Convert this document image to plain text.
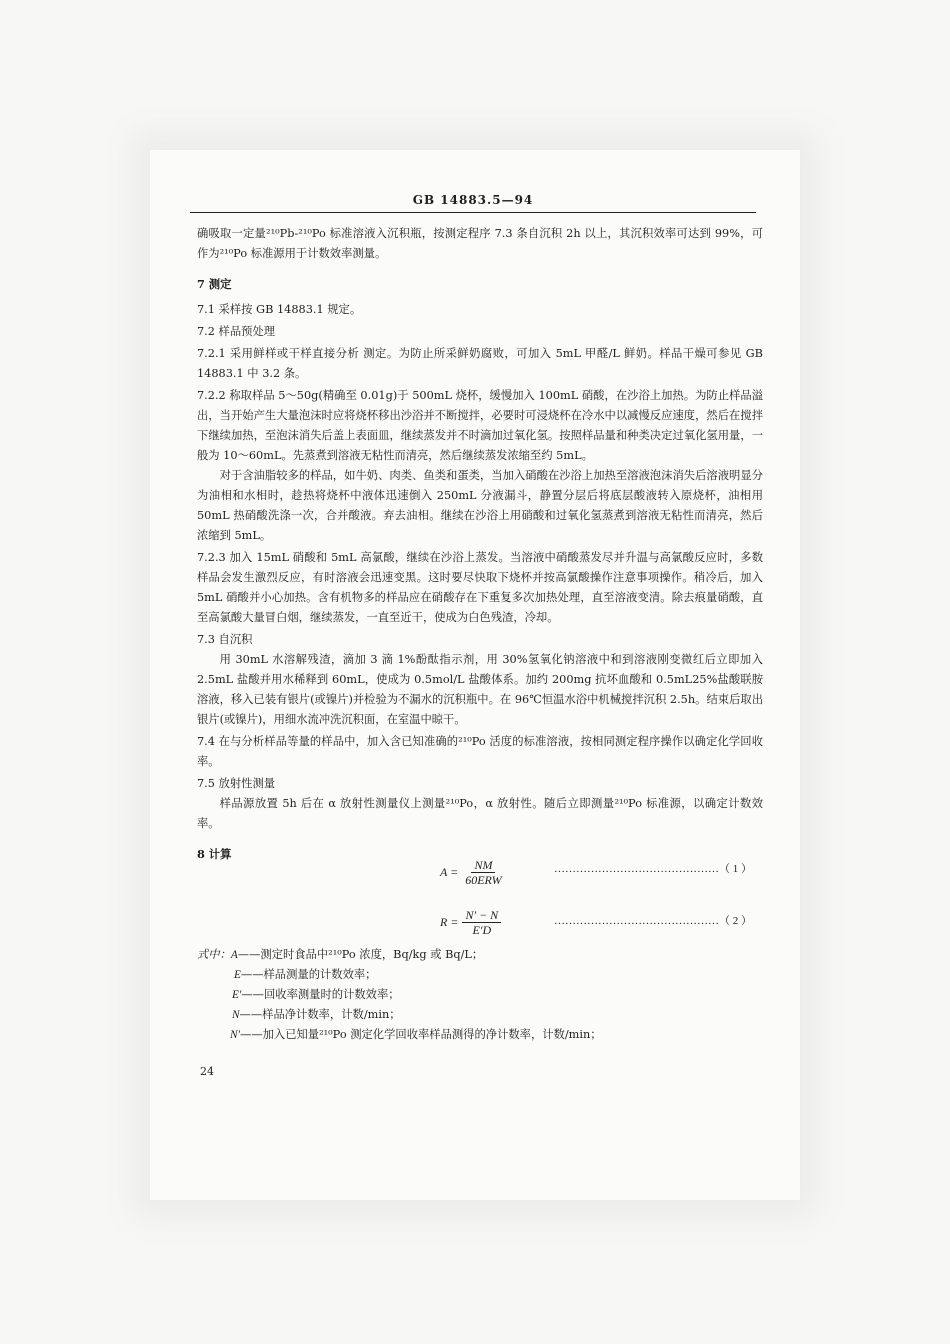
GB 14883.5—94

确吸取一定量²¹⁰Pb-²¹⁰Po 标准溶液入沉积瓶，按测定程序 7.3 条自沉积 2h 以上，其沉积效率可达到 99%，可作为²¹⁰Po 标准源用于计数效率测量。

7 测定

7.1 采样按 GB 14883.1 规定。

7.2 样品预处理

7.2.1 采用鲜样或干样直接分析 测定。为防止所采鲜奶腐败，可加入 5mL 甲醛/L 鲜奶。样品干燥可参见 GB 14883.1 中 3.2 条。

7.2.2 称取样品 5～50g(精确至 0.01g)于 500mL 烧杯，缓慢加入 100mL 硝酸，在沙浴上加热。为防止样品溢出，当开始产生大量泡沫时应将烧杯移出沙浴并不断搅拌，必要时可浸烧杯在冷水中以减慢反应速度，然后在搅拌下继续加热，至泡沫消失后盖上表面皿，继续蒸发并不时滴加过氧化氢。按照样品量和种类决定过氧化氢用量，一般为 10～60mL。先蒸煮到溶液无粘性而清亮，然后继续蒸发浓缩至约 5mL。

对于含油脂较多的样品，如牛奶、肉类、鱼类和蛋类，当加入硝酸在沙浴上加热至溶液泡沫消失后溶液明显分为油相和水相时，趁热将烧杯中液体迅速倒入 250mL 分液漏斗，静置分层后将底层酸液转入原烧杯，油相用 50mL 热硝酸洗涤一次，合并酸液。弃去油相。继续在沙浴上用硝酸和过氧化氢蒸煮到溶液无粘性而清亮，然后浓缩到 5mL。

7.2.3 加入 15mL 硝酸和 5mL 高氯酸，继续在沙浴上蒸发。当溶液中硝酸蒸发尽并升温与高氯酸反应时，多数样品会发生激烈反应，有时溶液会迅速变黑。这时要尽快取下烧杯并按高氯酸操作注意事项操作。稍冷后，加入 5mL 硝酸并小心加热。含有机物多的样品应在硝酸存在下重复多次加热处理，直至溶液变清。除去痕量硝酸，直至高氯酸大量冒白烟，继续蒸发，一直至近干，使成为白色残渣，冷却。

7.3 自沉积

用 30mL 水溶解残渣，滴加 3 滴 1%酚酞指示剂，用 30%氢氧化钠溶液中和到溶液刚变微红后立即加入 2.5mL 盐酸并用水稀释到 60mL，使成为 0.5mol/L 盐酸体系。加约 200mg 抗坏血酸和 0.5mL25%盐酸联胺溶液，移入已装有银片(或镍片)并检验为不漏水的沉积瓶中。在 96℃恒温水浴中机械搅拌沉积 2.5h。结束后取出银片(或镍片)，用细水流冲洗沉积面，在室温中晾干。

7.4 在与分析样品等量的样品中，加入含已知准确的²¹⁰Po 活度的标准溶液，按相同测定程序操作以确定化学回收率。

7.5 放射性测量

样品源放置 5h 后在 α 放射性测量仪上测量²¹⁰Po，α 放射性。随后立即测量²¹⁰Po 标准源，以确定计数效率。

8 计算

$A = \frac{NM}{\text{60ERW}}$	………………………………………（ 1 ）
$R = \frac{N' - N}{E'D}$	………………………………………（ 2 ）
式中：A——测定时食品中²¹⁰Po 浓度，Bq/kg 或 Bq/L；
E——样品测量的计数效率；
E′——回收率测量时的计数效率；
N——样品净计数率，计数/min；
N′——加入已知量²¹⁰Po 测定化学回收率样品测得的净计数率，计数/min；
24
